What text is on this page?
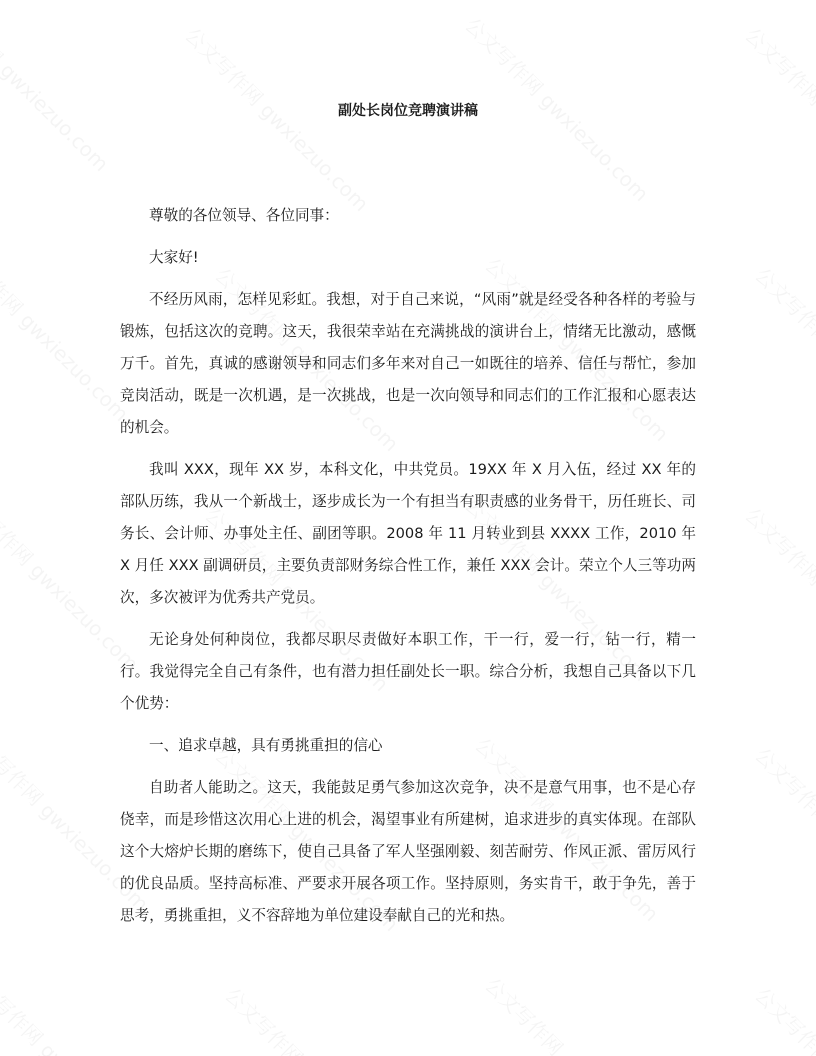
副处长岗位竞聘演讲稿

尊敬的各位领导、各位同事：

大家好!

不经历风雨，怎样见彩虹。我想，对于自己来说，“风雨”就是经受各种各样的考验与锻炼，包括这次的竞聘。这天，我很荣幸站在充满挑战的演讲台上，情绪无比激动，感慨万千。首先，真诚的感谢领导和同志们多年来对自己一如既往的培养、信任与帮忙，参加竞岗活动，既是一次机遇，是一次挑战，也是一次向领导和同志们的工作汇报和心愿表达的机会。

我叫 XXX，现年 XX 岁，本科文化，中共党员。19XX 年 X 月入伍，经过 XX 年的部队历练，我从一个新战士，逐步成长为一个有担当有职责感的业务骨干，历任班长、司务长、会计师、办事处主任、副团等职。2008 年 11 月转业到县 XXXX 工作，2010 年 X 月任 XXX 副调研员，主要负责部财务综合性工作，兼任 XXX 会计。荣立个人三等功两次，多次被评为优秀共产党员。

无论身处何种岗位，我都尽职尽责做好本职工作，干一行，爱一行，钻一行，精一行。我觉得完全自己有条件，也有潜力担任副处长一职。综合分析，我想自己具备以下几个优势：

一、追求卓越，具有勇挑重担的信心

自助者人能助之。这天，我能鼓足勇气参加这次竞争，决不是意气用事，也不是心存侥幸，而是珍惜这次用心上进的机会，渴望事业有所建树，追求进步的真实体现。在部队这个大熔炉长期的磨练下，使自己具备了军人坚强刚毅、刻苦耐劳、作风正派、雷厉风行的优良品质。坚持高标准、严要求开展各项工作。坚持原则，务实肯干，敢于争先，善于思考，勇挑重担，义不容辞地为单位建设奉献自己的光和热。
